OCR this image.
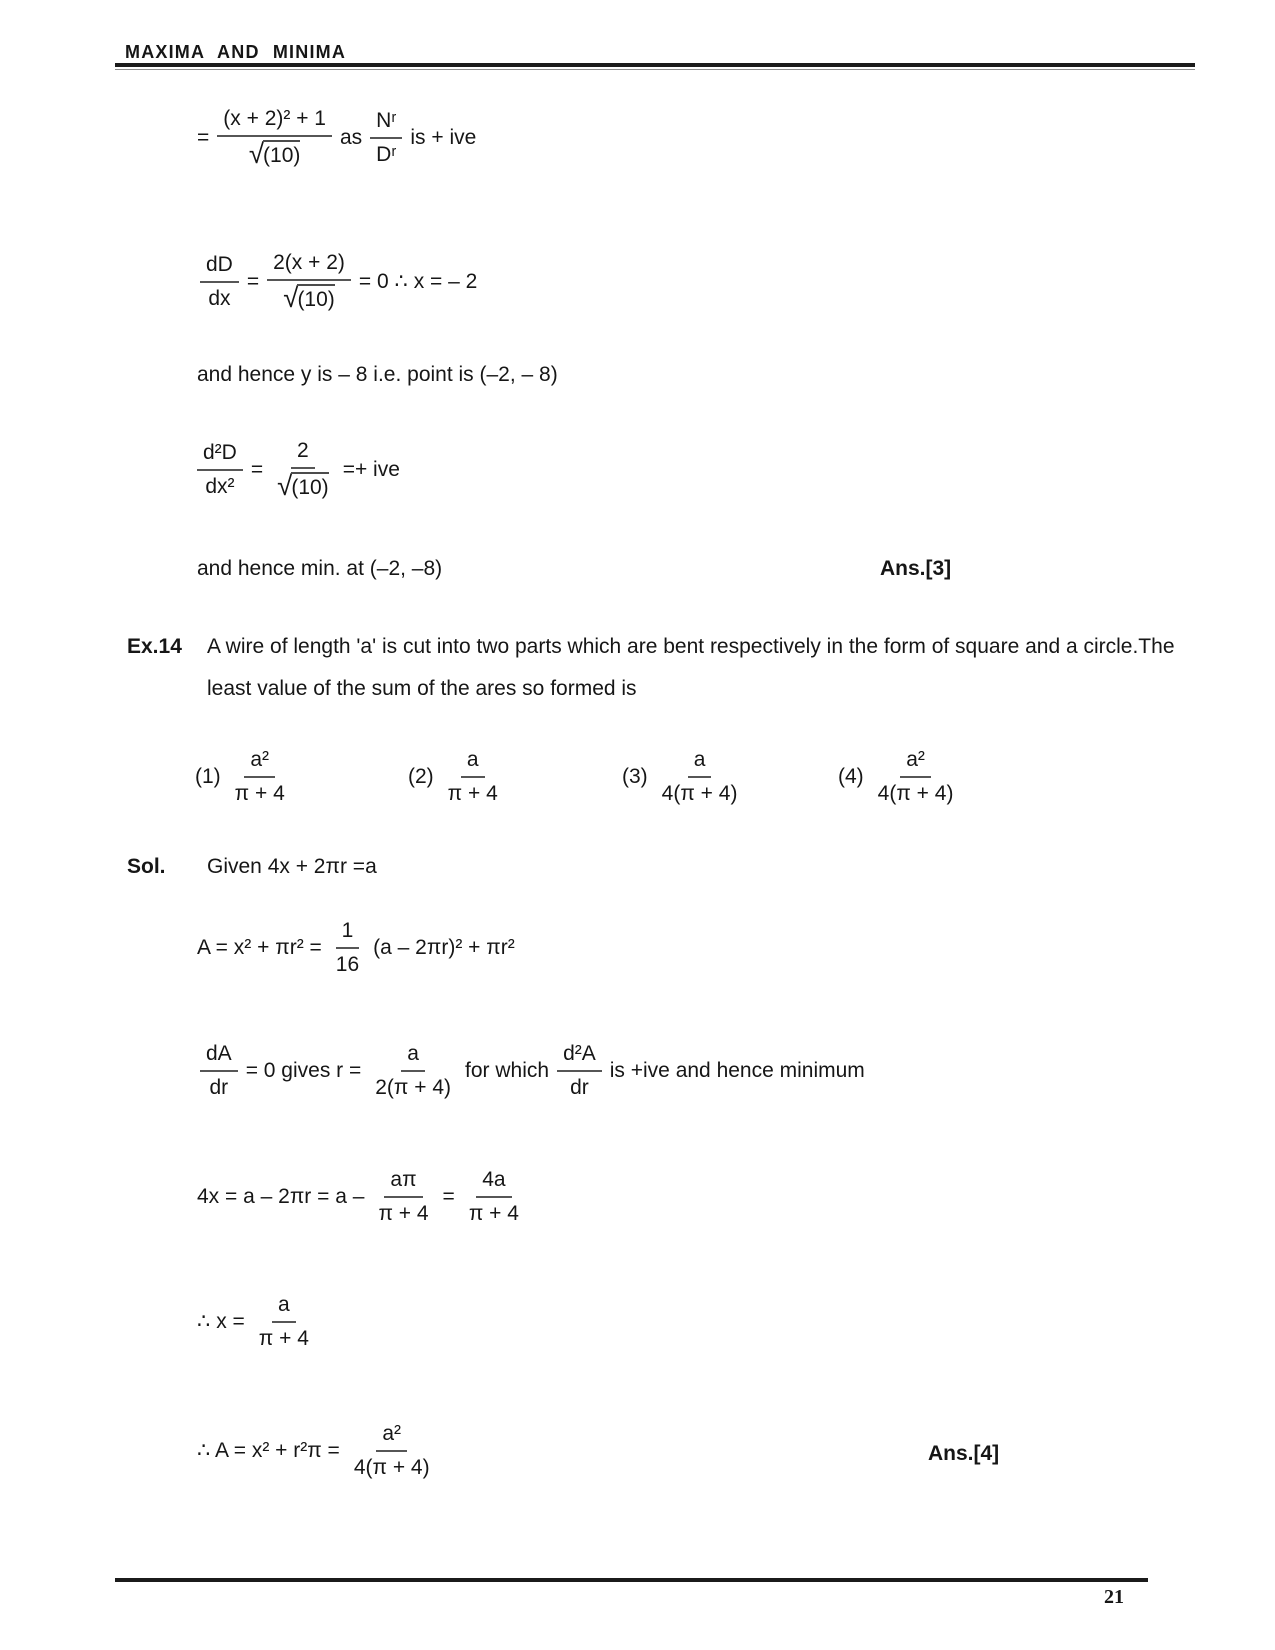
MAXIMA AND MINIMA
= $\frac{\text{(x + 2)² + 1}}{√ (10)}$ as $\frac{\text{Nʳ}}{\text{Dʳ}}$ is + ive
$\frac{dD}{dx} = \frac{2(x + 2)}{√ (10)} = 0$ ∴ x = – 2
and hence y is – 8 i.e. point is (–2, – 8)
$\frac{\text{d²D}}{\text{dx²}} = \frac{2}{√ (10)}$ =+ ive
and hence min. at (–2, –8)	Ans.[3]
Ex.14 A wire of length 'a' is cut into two parts which are bent respectively in the form of square and a circle.The
least value of the sum of the ares so formed is
$(1) \frac{\text{a²}}{\pi + 4}$	$(2) \frac{a}{\pi + 4}$	$(3) \frac{a}{4(\pi + 4)}$	$(4) \frac{\text{a²}}{4(\pi + 4)}$
Sol. Given 4x + 2πr =a
$A = x^2 + \pi r^2 = \frac{1}{16} (a - 2\pi r)^2 + \pi r^2$
$\frac{dA}{dr} = 0$ gives $r = \frac{a}{2(\pi + 4)}$ for which $\frac{\text{d²A}}{dr}$ is +ive and hence minimum
$4x = a - 2\pi r = a - \frac{a\pi}{\pi + 4} = \frac{4a}{\pi + 4}$
∴ $x = \frac{a}{\pi + 4}$
∴ $A = x^2 + r^2\pi = \frac{\text{a²}}{4(\pi + 4)}$	Ans.[4]
21
